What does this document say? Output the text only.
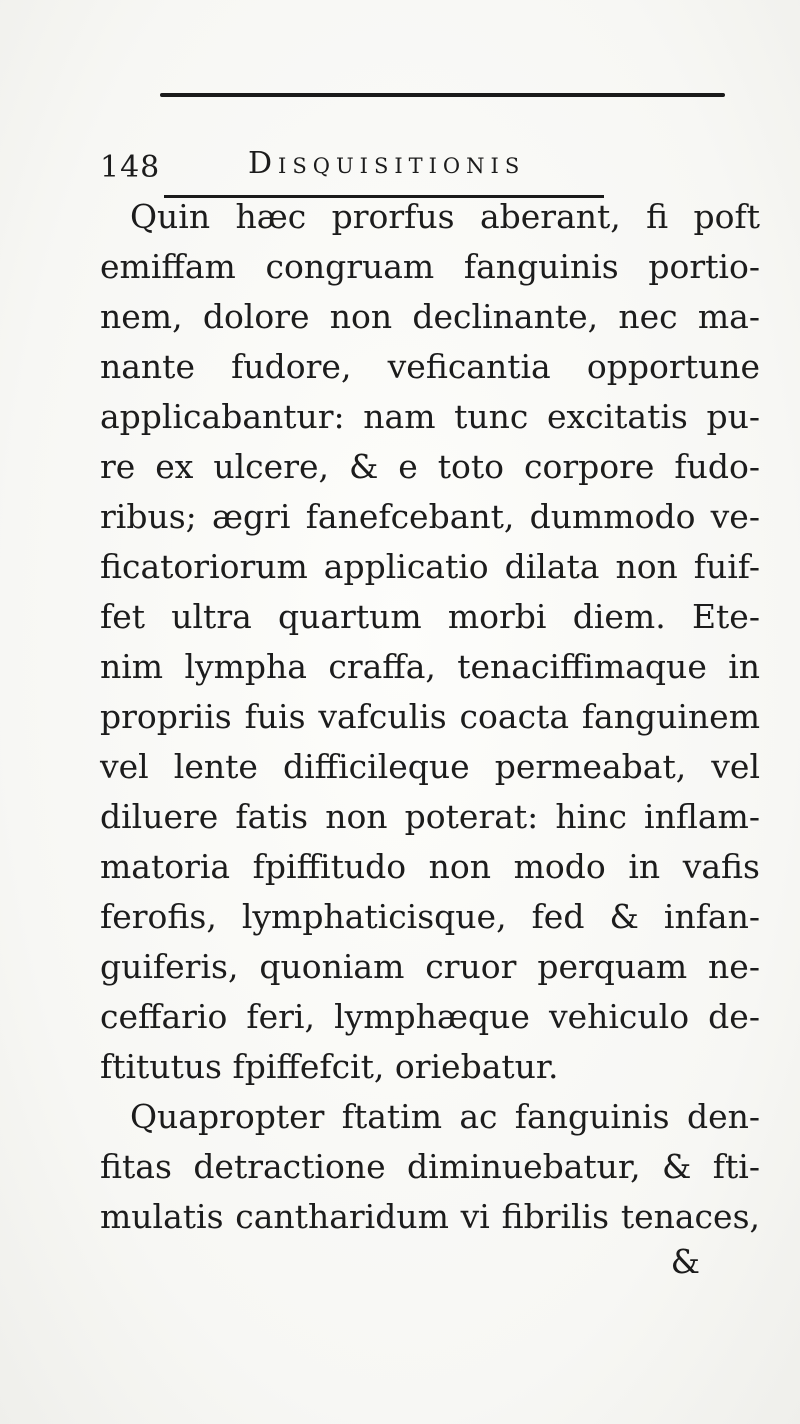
148	Disquisitionis
Quin hæc prorfus aberant, fi poft
emiffam congruam fanguinis portio-
nem, dolore non declinante, nec ma-
nante fudore, veficantia opportune
applicabantur: nam tunc excitatis pu-
re ex ulcere, & e toto corpore fudo-
ribus; ægri fanefcebant, dummodo ve-
ficatoriorum applicatio dilata non fuif-
fet ultra quartum morbi diem. Ete-
nim lympha craffa, tenaciffimaque in
propriis fuis vafculis coacta fanguinem
vel lente difficileque permeabat, vel
diluere fatis non poterat: hinc inflam-
matoria fpiffitudo non modo in vafis
ferofis, lymphaticisque, fed & infan-
guiferis, quoniam cruor perquam ne-
ceffario feri, lymphæque vehiculo de-
ftitutus fpiffefcit, oriebatur.
Quapropter ftatim ac fanguinis den-
fitas detractione diminuebatur, & fti-
mulatis cantharidum vi fibrilis tenaces,
&
